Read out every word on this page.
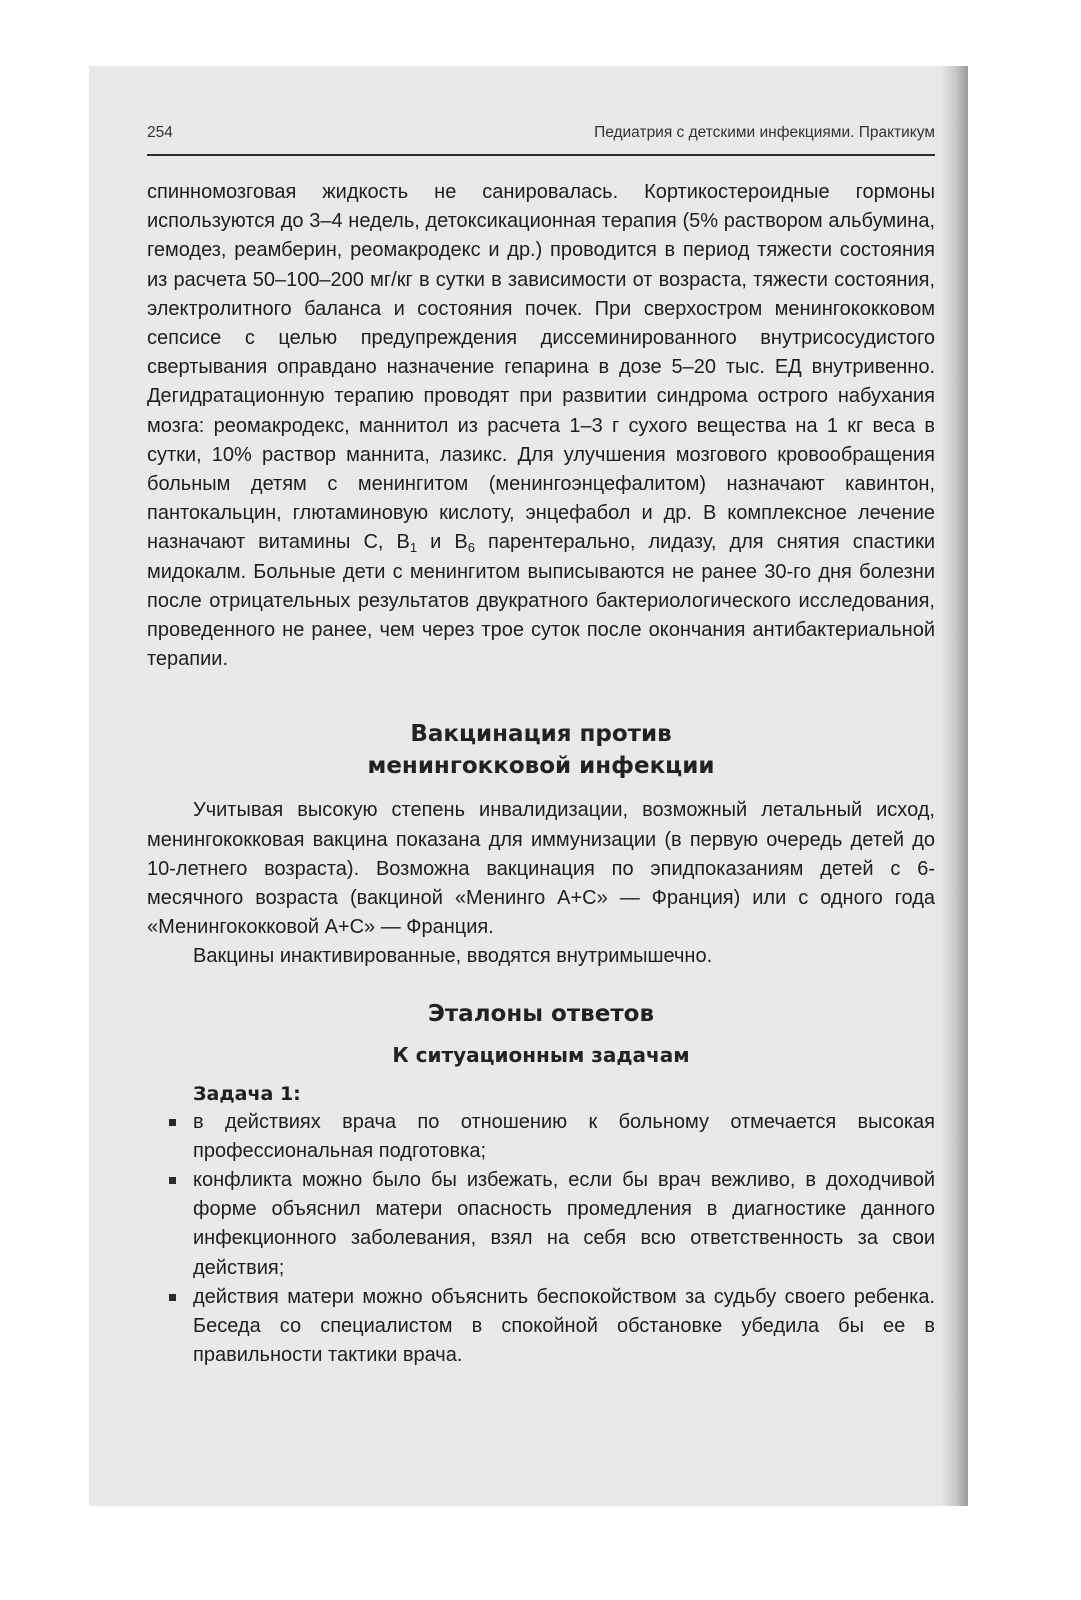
254	Педиатрия с детскими инфекциями. Практикум

спинномозговая жидкость не санировалась. Кортикостероидные гормоны используются до 3–4 недель, детоксикационная терапия (5% раствором альбумина, гемодез, реамберин, реомакродекс и др.) проводится в период тяжести состояния из расчета 50–100–200 мг/кг в сутки в зависимости от возраста, тяжести состояния, электролитного баланса и состояния почек. При сверхостром менингококковом сепсисе с целью предупреждения диссеминированного внутрисосудистого свертывания оправдано назначение гепарина в дозе 5–20 тыс. ЕД внутривенно. Дегидратационную терапию проводят при развитии синдрома острого набухания мозга: реомакродекс, маннитол из расчета 1–3 г сухого вещества на 1 кг веса в сутки, 10% раствор маннита, лазикс. Для улучшения мозгового кровообращения больным детям с менингитом (менингоэнцефалитом) назначают кавинтон, пантокальцин, глютаминовую кислоту, энцефабол и др. В комплексное лечение назначают витамины С, $В_1$ и $В_6$ парентерально, лидазу, для снятия спастики мидокалм. Больные дети с менингитом выписываются не ранее 30-го дня болезни после отрицательных результатов двукратного бактериологического исследования, проведенного не ранее, чем через трое суток после окончания антибактериальной терапии.

Вакцинация против
менингокковой инфекции

Учитывая высокую степень инвалидизации, возможный летальный исход, менингококковая вакцина показана для иммунизации (в первую очередь детей до 10-летнего возраста). Возможна вакцинация по эпидпоказаниям детей с 6-месячного возраста (вакциной «Менинго А+С» — Франция) или с одного года «Менингококковой А+С» — Франция.

Вакцины инактивированные, вводятся внутримышечно.

Эталоны ответов
К ситуационным задачам
Задача 1:
в действиях врача по отношению к больному отмечается высокая профессиональная подготовка;
конфликта можно было бы избежать, если бы врач вежливо, в доходчивой форме объяснил матери опасность промедления в диагностике данного инфекционного заболевания, взял на себя всю ответственность за свои действия;
действия матери можно объяснить беспокойством за судьбу своего ребенка. Беседа со специалистом в спокойной обстановке убедила бы ее в правильности тактики врача.
